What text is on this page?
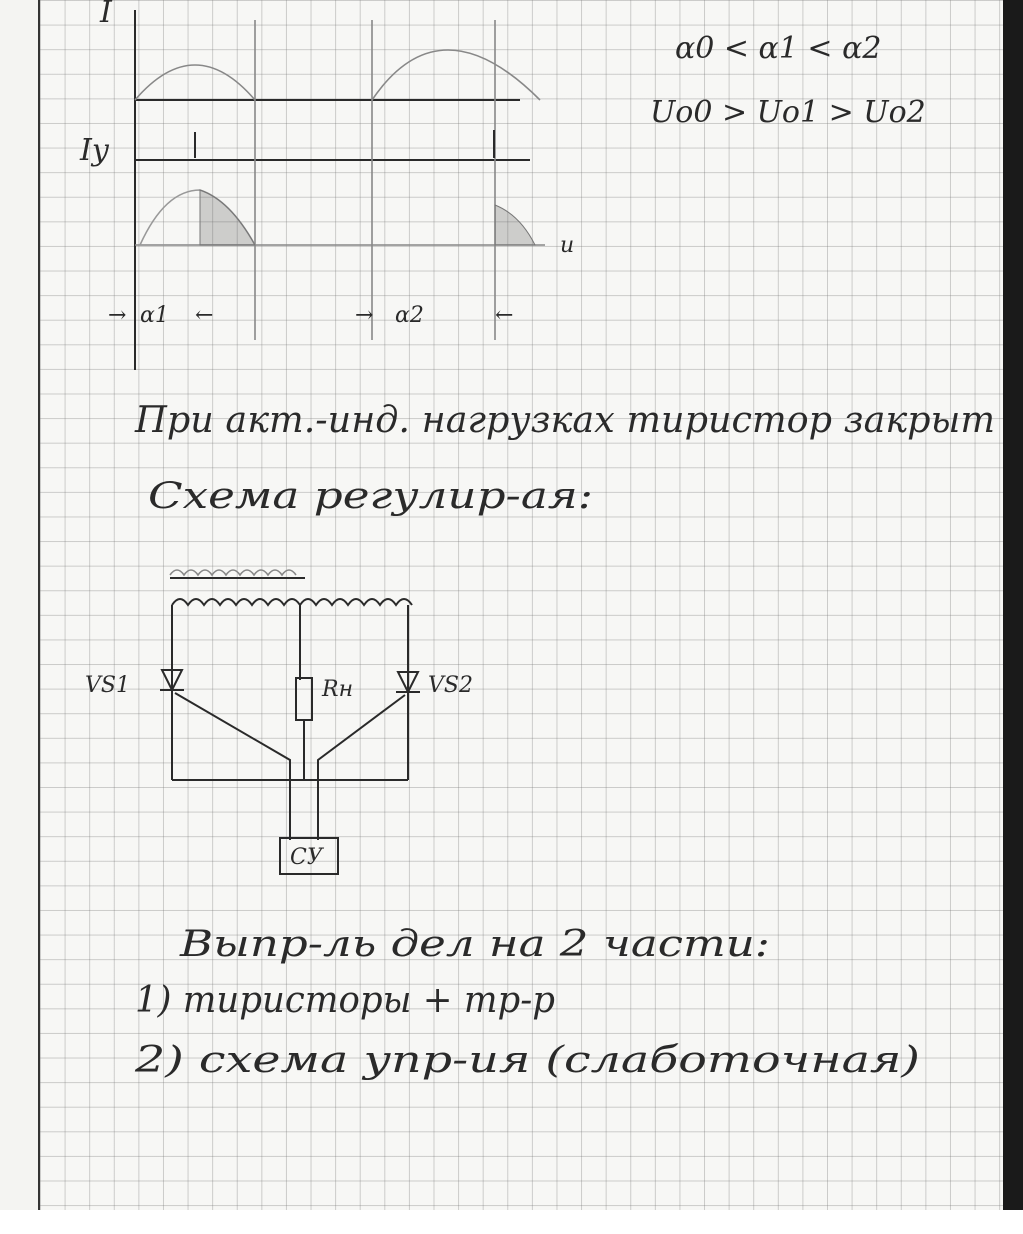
I
Iу
u
→ α1 ←	→ α2	←
α0 < α1 < α2
Uo0 > Uo1 > Uo2
При акт.-инд. нагрузках тиристор закрыт
Схема регулир-ая:
VS1	VS2
Rн
СУ
Выпр-ль дел на 2 части:
1) тиристоры + тр-р
2) схема упр-ия (слаботочная)
